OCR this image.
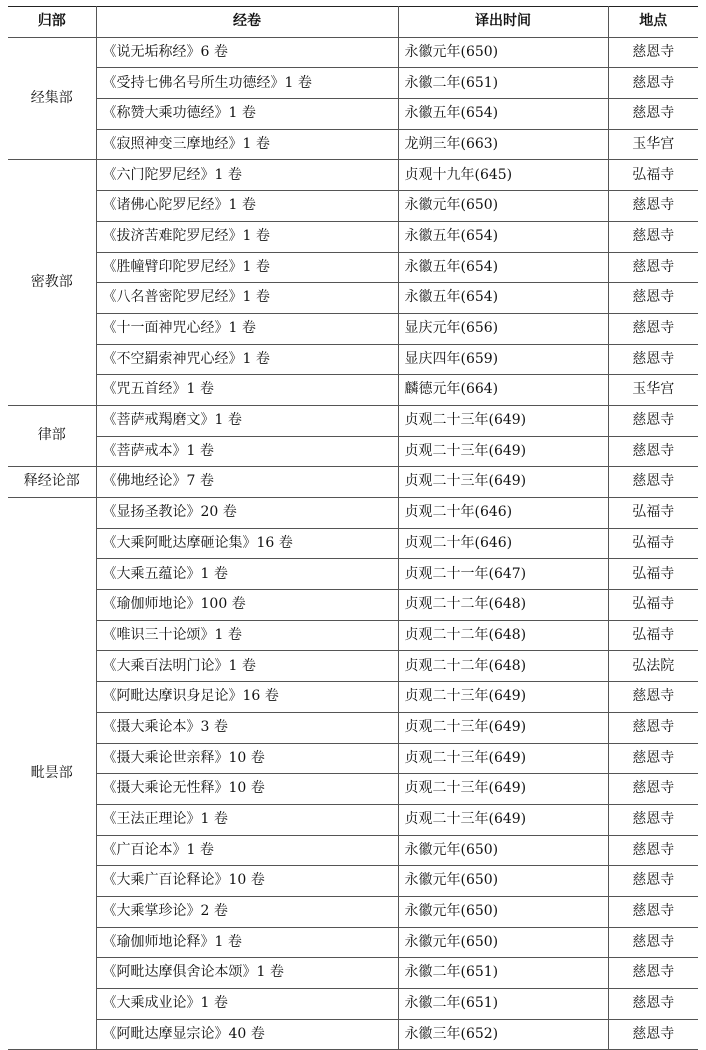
归部	经卷	译出时间	地点
经集部	《说无垢称经》6 卷	永徽元年(650)	慈恩寺
	《受持七佛名号所生功德经》1 卷	永徽二年(651)	慈恩寺
	《称赞大乘功德经》1 卷	永徽五年(654)	慈恩寺
	《寂照神变三摩地经》1 卷	龙朔三年(663)	玉华宫
密教部	《六门陀罗尼经》1 卷	贞观十九年(645)	弘福寺
	《诸佛心陀罗尼经》1 卷	永徽元年(650)	慈恩寺
	《拔济苦难陀罗尼经》1 卷	永徽五年(654)	慈恩寺
	《胜幢臂印陀罗尼经》1 卷	永徽五年(654)	慈恩寺
	《八名普密陀罗尼经》1 卷	永徽五年(654)	慈恩寺
	《十一面神咒心经》1 卷	显庆元年(656)	慈恩寺
	《不空羂索神咒心经》1 卷	显庆四年(659)	慈恩寺
	《咒五首经》1 卷	麟德元年(664)	玉华宫
律部	《菩萨戒羯磨文》1 卷	贞观二十三年(649)	慈恩寺
	《菩萨戒本》1 卷	贞观二十三年(649)	慈恩寺
释经论部	《佛地经论》7 卷	贞观二十三年(649)	慈恩寺
毗昙部	《显扬圣教论》20 卷	贞观二十年(646)	弘福寺
	《大乘阿毗达摩砸论集》16 卷	贞观二十年(646)	弘福寺
	《大乘五蕴论》1 卷	贞观二十一年(647)	弘福寺
	《瑜伽师地论》100 卷	贞观二十二年(648)	弘福寺
	《唯识三十论颂》1 卷	贞观二十二年(648)	弘福寺
	《大乘百法明门论》1 卷	贞观二十二年(648)	弘法院
	《阿毗达摩识身足论》16 卷	贞观二十三年(649)	慈恩寺
	《摄大乘论本》3 卷	贞观二十三年(649)	慈恩寺
	《摄大乘论世亲释》10 卷	贞观二十三年(649)	慈恩寺
	《摄大乘论无性释》10 卷	贞观二十三年(649)	慈恩寺
	《王法正理论》1 卷	贞观二十三年(649)	慈恩寺
	《广百论本》1 卷	永徽元年(650)	慈恩寺
	《大乘广百论释论》10 卷	永徽元年(650)	慈恩寺
	《大乘掌珍论》2 卷	永徽元年(650)	慈恩寺
	《瑜伽师地论释》1 卷	永徽元年(650)	慈恩寺
	《阿毗达摩俱舍论本颂》1 卷	永徽二年(651)	慈恩寺
	《大乘成业论》1 卷	永徽二年(651)	慈恩寺
	《阿毗达摩显宗论》40 卷	永徽三年(652)	慈恩寺
